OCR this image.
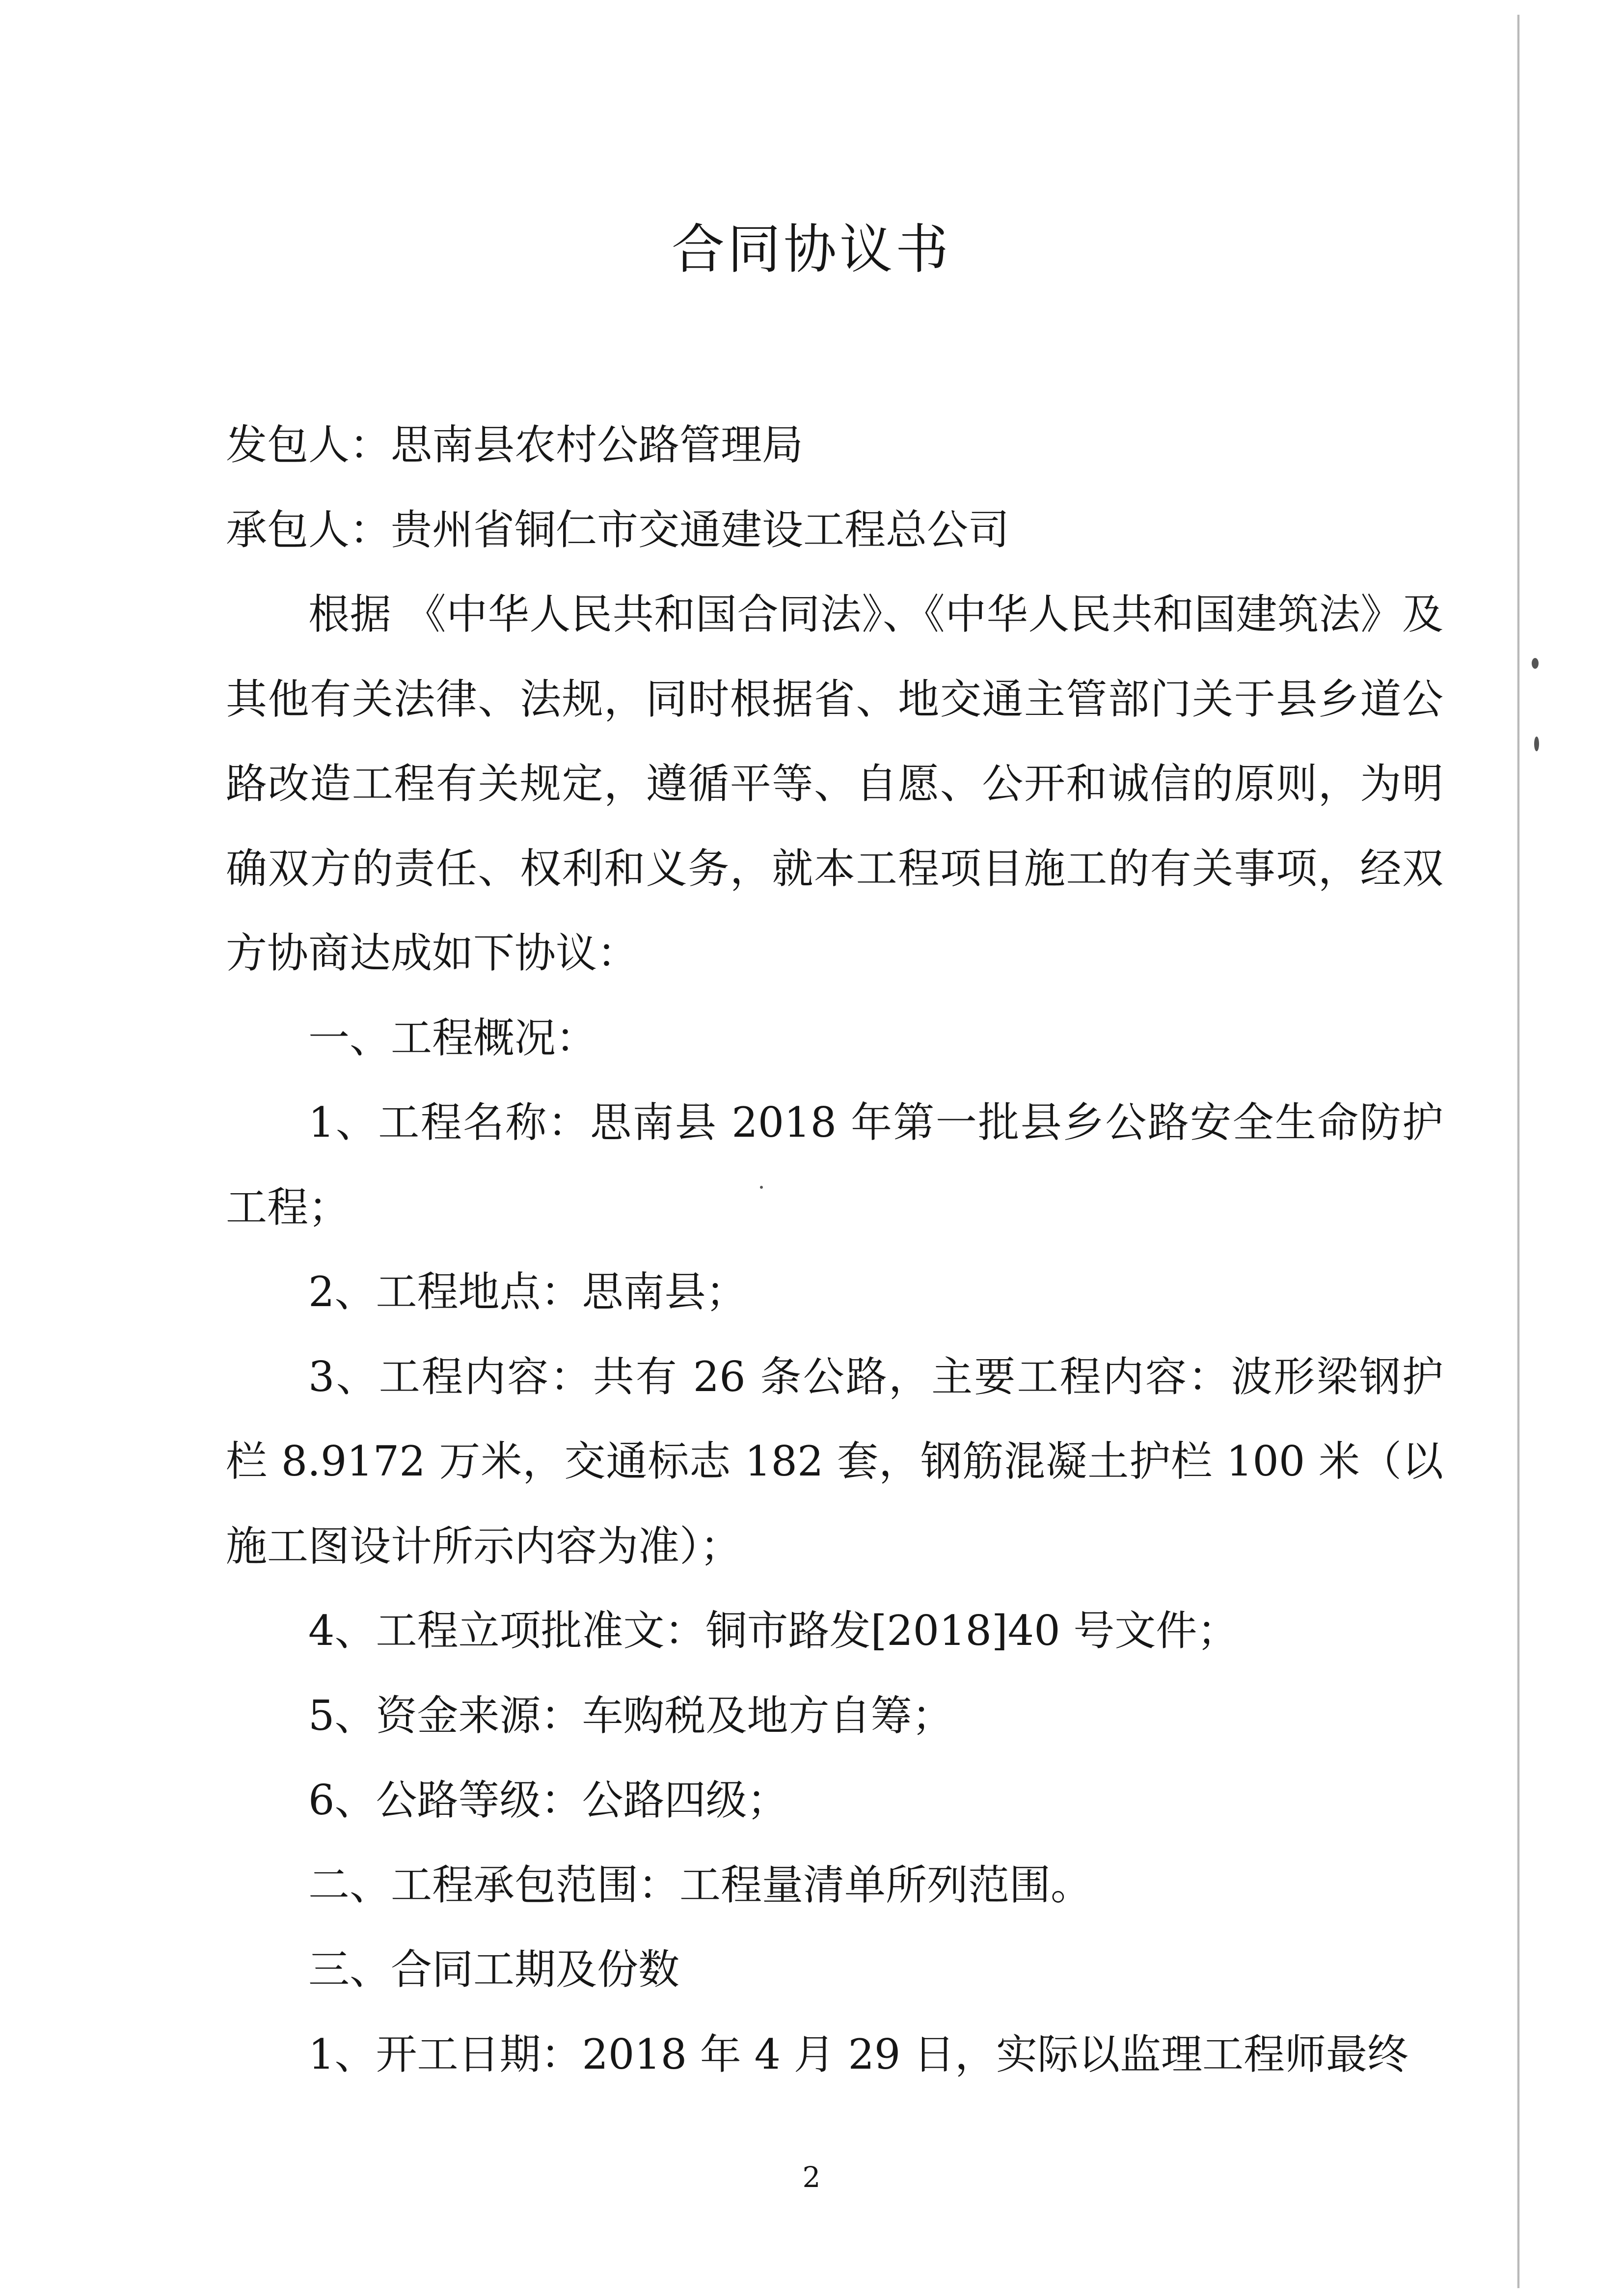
合同协议书

发包人：思南县农村公路管理局

承包人：贵州省铜仁市交通建设工程总公司

根据 《中华人民共和国合同法》、《中华人民共和国建筑法》及其他有关法律、法规，同时根据省、地交通主管部门关于县乡道公路改造工程有关规定，遵循平等、自愿、公开和诚信的原则，为明确双方的责任、权利和义务，就本工程项目施工的有关事项，经双方协商达成如下协议：

一、工程概况：

1、工程名称：思南县 2018 年第一批县乡公路安全生命防护工程；

2、工程地点：思南县；

3、工程内容：共有 26 条公路，主要工程内容：波形梁钢护栏 8.9172 万米，交通标志 182 套，钢筋混凝土护栏 100 米（以施工图设计所示内容为准）；

4、工程立项批准文：铜市路发[2018]40 号文件；

5、资金来源：车购税及地方自筹；

6、公路等级：公路四级；

二、工程承包范围：工程量清单所列范围。

三、合同工期及份数

1、开工日期：2018 年 4 月 29 日，实际以监理工程师最终

2
